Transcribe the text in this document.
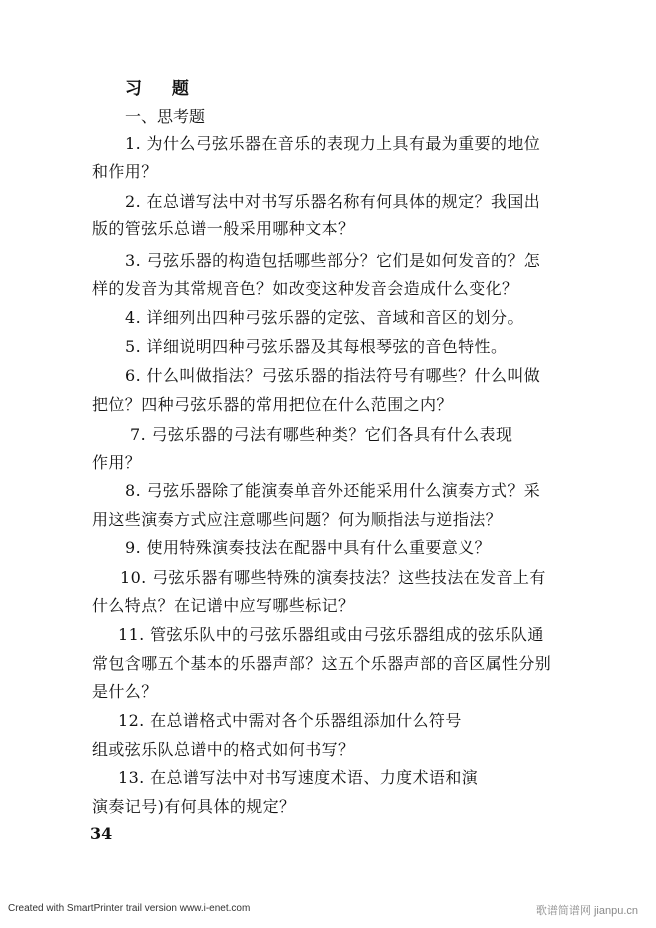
习 题
一、思考题
1. 为什么弓弦乐器在音乐的表现力上具有最为重要的地位
和作用？
2. 在总谱写法中对书写乐器名称有何具体的规定？我国出
版的管弦乐总谱一般采用哪种文本？
3. 弓弦乐器的构造包括哪些部分？它们是如何发音的？怎
样的发音为其常规音色？如改变这种发音会造成什么变化？
4. 详细列出四种弓弦乐器的定弦、音域和音区的划分。
5. 详细说明四种弓弦乐器及其每根琴弦的音色特性。
6. 什么叫做指法？弓弦乐器的指法符号有哪些？什么叫做
把位？四种弓弦乐器的常用把位在什么范围之内？
7. 弓弦乐器的弓法有哪些种类？它们各具有什么表现
作用？
8. 弓弦乐器除了能演奏单音外还能采用什么演奏方式？采
用这些演奏方式应注意哪些问题？何为顺指法与逆指法？
9. 使用特殊演奏技法在配器中具有什么重要意义？
10. 弓弦乐器有哪些特殊的演奏技法？这些技法在发音上有
什么特点？在记谱中应写哪些标记？
11. 管弦乐队中的弓弦乐器组或由弓弦乐器组成的弦乐队通
常包含哪五个基本的乐器声部？这五个乐器声部的音区属性分别
是什么？
12. 在总谱格式中需对各个乐器组添加什么符号
组或弦乐队总谱中的格式如何书写？
13. 在总谱写法中对书写速度术语、力度术语和演
演奏记号)有何具体的规定？
34
Created with SmartPrinter trail version www.i-enet.com	歌谱简谱网 jianpu.cn
